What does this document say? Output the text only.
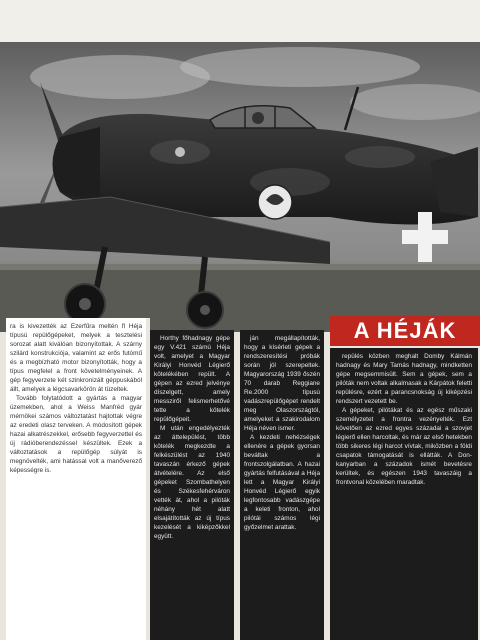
A HÉJÁK

ra is kivezették az Ezerfűra meltén fl Héja típusú repülőgépeket, melyek a tesztelési sorozat alatt kiválóan bizonyítottak. A szárny szilárd konstrukciója, valamint az erős futómű és a megbízható motor bizonyították, hogy a típus megfelel a front követelményeinek. A gép fegyverzete két szinkronizált géppuskából állt, amelyek a légcsavarkörön át tüzeltek.

Tovább folytatódott a gyártás a magyar üzemekben, ahol a Weiss Manfréd gyár mérnökei számos változtatást hajtottak végre az eredeti olasz terveken. A módosított gépek hazai alkatrészekkel, erősebb fegyverzettel és új rádióberendezéssel készültek. Ezek a változtatások a repülőgép súlyát is megnövelték, ami hatással volt a manőverező képességre is.

Horthy főhadnagy gépe egy V.421 számú Héja volt, amelyet a Magyar Királyi Honvéd Légierő kötelékében repült. A gépen az ezred jelvénye díszelgett, amely messziről felismerhetővé tette a kötelék repülőgépeit.

M után engedélyezték az áttelepülést, több kötelék megkezdte a felkészülést az 1940 tavaszán érkező gépek átvételére. Az első gépeket Szombathelyen és Székesfehérváron vették át, ahol a pilóták néhány hét alatt elsajátították az új típus kezelését a kiképzőkkel együtt.

ján megállapították, hogy a kísérleti gépek a rendszeresítési próbák során jól szerepeltek. Magyarország 1939 őszén 70 darab Reggiane Re.2000 típusú vadászrepülőgépet rendelt meg Olaszországtól, amelyeket a szakirodalom Héja néven ismer.

A kezdeti nehézségek ellenére a gépek gyorsan beváltak a frontszolgálatban. A hazai gyártás felfutásával a Héja lett a Magyar Királyi Honvéd Légierő egyik legfontosabb vadászgépe a keleti fronton, ahol pilótái számos légi győzelmet arattak.

repülés közben meghalt Domby Kálmán hadnagy és Mary Tamás hadnagy, mindketten gépe megsemmisült. Sem a gépek, sem a pilóták nem voltak alkalmasak a Kárpátok feletti repülésre, ezért a parancsnokság új kiképzési rendszert vezetett be.

A gépeket, pilótákat és az egész műszaki személyzetet a frontra vezényelték. Ezt követően az ezred egyes századai a szovjet légierő ellen harcoltak, és már az első hetekben több sikeres légi harcot vívtak, miközben a földi csapatok támogatását is ellátták. A Don-kanyarban a századok ismét bevetésre kerültek, és egészen 1943 tavaszáig a frontvonal közelében maradtak.
